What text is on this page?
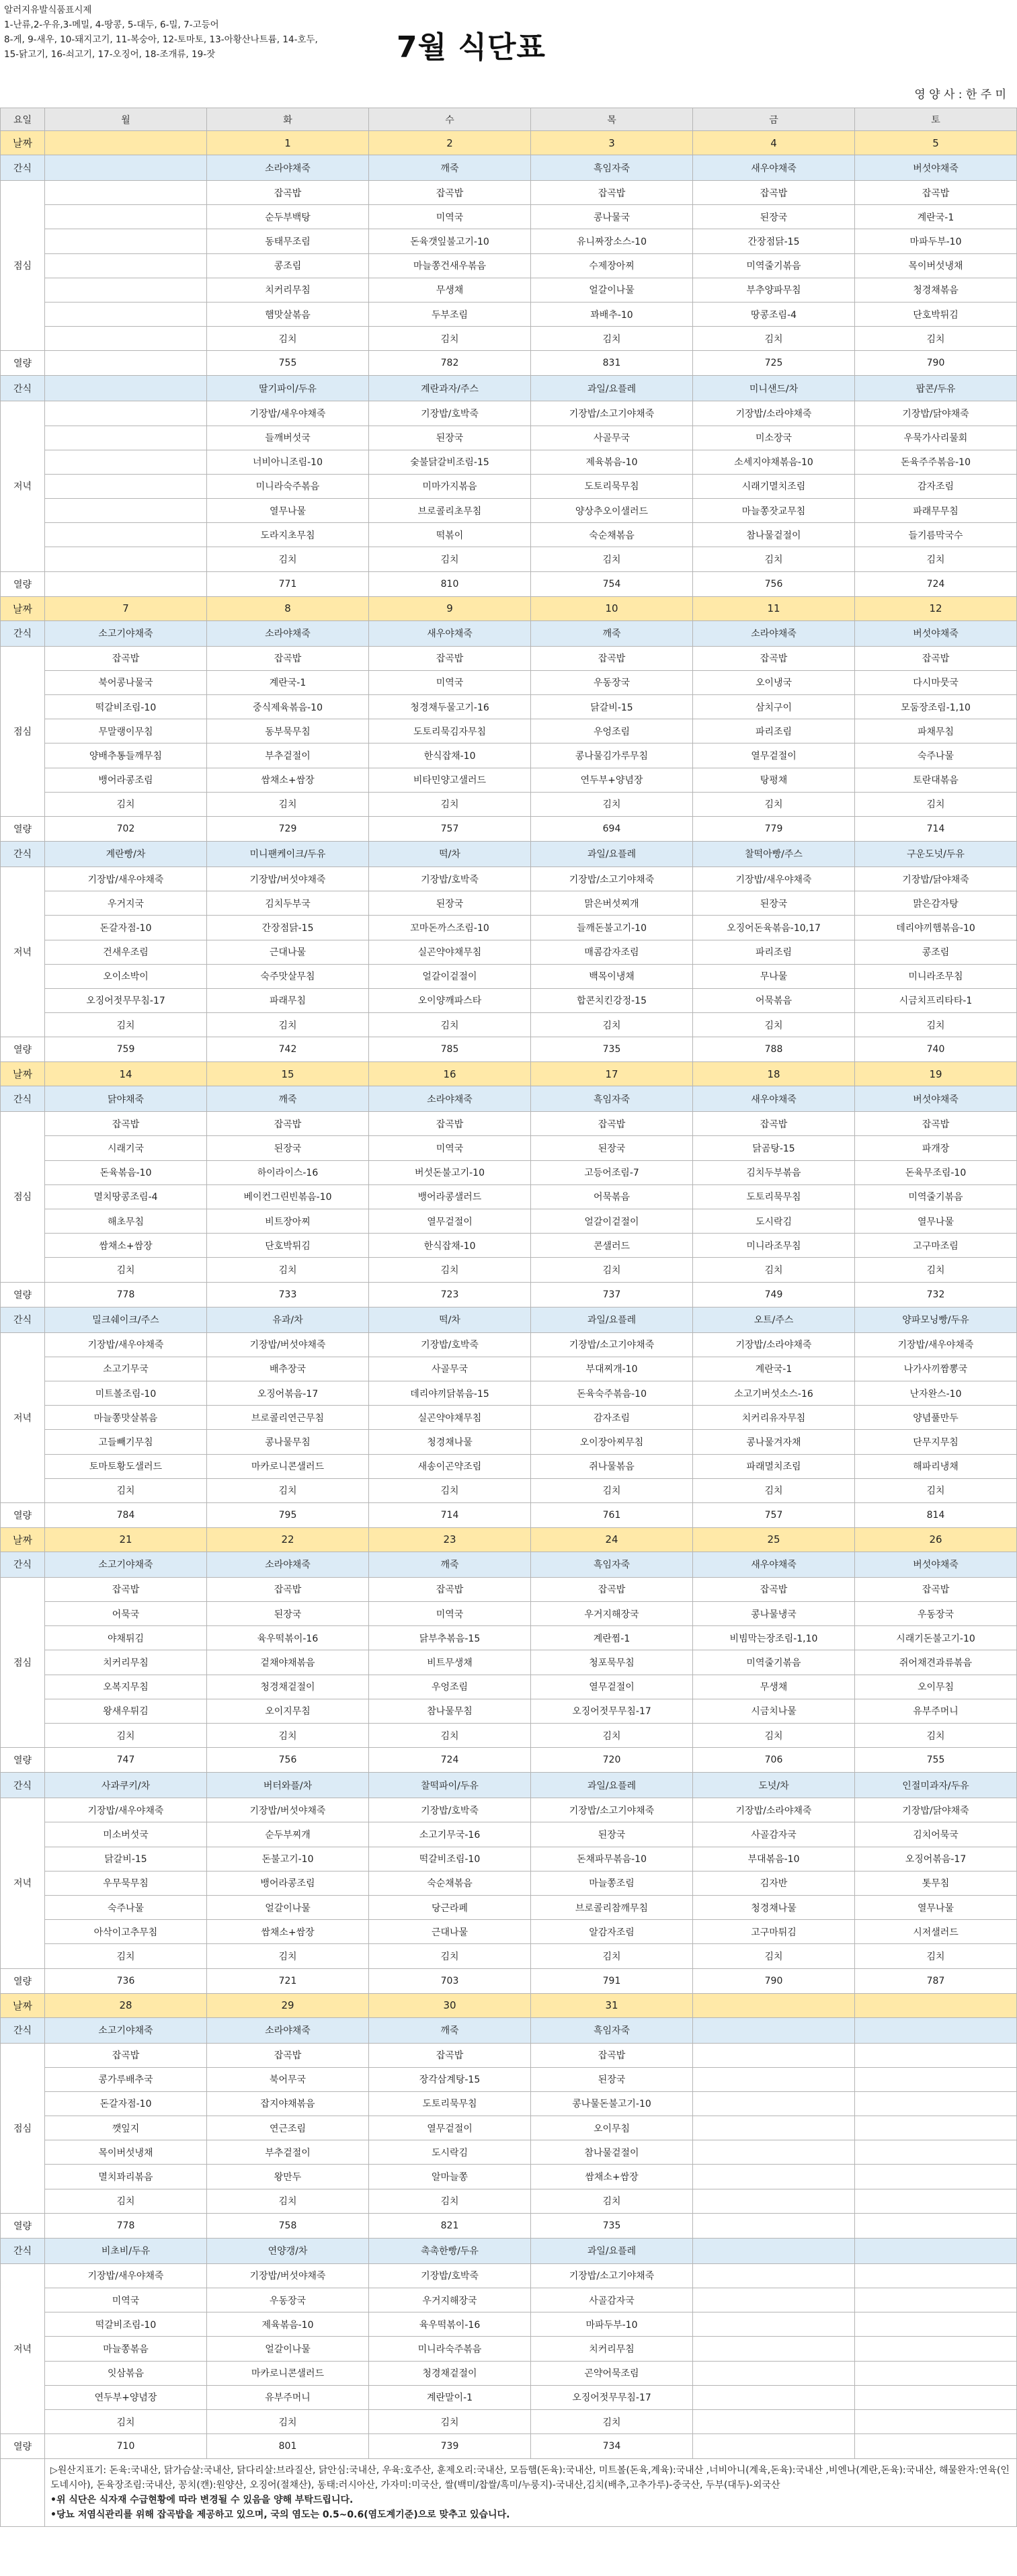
알러지유발식품표시제
1-난류,2-우유,3-메밀, 4-땅콩, 5-대두, 6-밀, 7-고등어
8-게, 9-새우, 10-돼지고기, 11-복숭아, 12-토마토, 13-아황산나트륨, 14-호두,
15-닭고기, 16-쇠고기, 17-오징어, 18-조개류, 19-잣	7월 식단표
영 양 사 : 한 주 미
요일	월	화	수	목	금	토
날짜		1	2	3	4	5
간식		소라야채죽	깨죽	흑임자죽	새우야채죽	버섯야채죽
점심		잡곡밥	잡곡밥	잡곡밥	잡곡밥	잡곡밥
		순두부백탕	미역국	콩나물국	된장국	계란국-1
		동태무조림	돈육갯잎불고기-10	유니짜장소스-10	간장점닭-15	마파두부-10
		콩조림	마늘쫑건새우볶음	수제장아찌	미역줄기볶음	목이버섯냉채
		치커리무침	무생채	얼갈이나물	부추양파무침	청경채볶음
		햄맛살볶음	두부조림	꽈배추-10	땅콩조림-4	단호박튀김
		김치	김치	김치	김치	김치
열량		755	782	831	725	790
간식		딸기파이/두유	계란과자/주스	과일/요플레	미니샌드/차	팝콘/두유
저녁		기장밥/새우야채죽	기장밥/호박죽	기장밥/소고기야채죽	기장밥/소라야채죽	기장밥/닭야채죽
		들깨버섯국	된장국	사골무국	미소장국	우묵가사리물회
		너비아니조림-10	숯불닭갈비조림-15	제육볶음-10	소세지야채볶음-10	돈육주주볶음-10
		미니라숙주볶음	미마가지볶음	도토리묵무침	시래기멸치조림	감자조림
		열무나물	브로콜리초무침	양상추오이샐러드	마늘쫑잣교무침	파래무무침
		도라지초무침	떡볶이	숙순채볶음	참나물겉절이	들기름막국수
		김치	김치	김치	김치	김치
열량		771	810	754	756	724
날짜	7	8	9	10	11	12
간식	소고기야채죽	소라야채죽	새우야채죽	깨죽	소라야채죽	버섯야채죽
점심	잡곡밥	잡곡밥	잡곡밥	잡곡밥	잡곡밥	잡곡밥
	북어콩나물국	계란국-1	미역국	우동장국	오이냉국	다시마뭇국
	떡갈비조림-10	중식제육볶음-10	청경채두물고기-16	닭갈비-15	삼치구이	모둠장조림-1,10
	무말랭이무침	동부묵무침	도토리묵김자무침	우엉조림	파리조림	파채무침
	양배추통들깨무침	부추겉절이	한식잡채-10	콩나물김가루무침	열무겉절이	숙주나물
	뱅어라콩조림	쌈채소+쌈장	비타민양고샐러드	연두부+양념장	탕평채	토란대볶음
	김치	김치	김치	김치	김치	김치
열량	702	729	757	694	779	714
간식	계란빵/차	미니팬케이크/두유	떡/차	과일/요플레	찰떡아빵/주스	구운도넛/두유
저녁	기장밥/새우야채죽	기장밥/버섯야채죽	기장밥/호박죽	기장밥/소고기야채죽	기장밥/새우야채죽	기장밥/닭야채죽
	우거지국	김치두부국	된장국	맑은버섯찌개	된장국	맑은감자탕
	돈갈자점-10	간장점닭-15	꼬마돈까스조림-10	들깨돈불고기-10	오징어돈육볶음-10,17	데리야끼햄볶음-10
	건새우조림	근대나물	실곤약야채무침	매콤감자조림	파리조림	콩조림
	오이소박이	숙주맛살무침	얼갈이겉절이	백목이냉채	무나물	미니라조무침
	오징어젓무무침-17	파래무침	오이양깨파스타	합콘치킨강정-15	어묵볶음	시금치프리타타-1
	김치	김치	김치	김치	김치	김치
열량	759	742	785	735	788	740
날짜	14	15	16	17	18	19
간식	닭야채죽	깨죽	소라야채죽	흑임자죽	새우야채죽	버섯야채죽
점심	잡곡밥	잡곡밥	잡곡밥	잡곡밥	잡곡밥	잡곡밥
	시래기국	된장국	미역국	된장국	닭곰탕-15	파개장
	돈육볶음-10	하이라이스-16	버섯돈불고기-10	고등어조림-7	김치두부볶음	돈육무조림-10
	멸치땅콩조림-4	베이컨그린빈볶음-10	뱅어라콩샐러드	어묵볶음	도토리묵무침	미역줄기볶음
	해초무침	비트장아찌	열무겉절이	얼갈이겉절이	도시락김	열무나물
	쌈채소+쌈장	단호박튀김	한식잡채-10	콘샐러드	미니라조무침	고구마조림
	김치	김치	김치	김치	김치	김치
열량	778	733	723	737	749	732
간식	밀크쉐이크/주스	유과/차	떡/차	과일/요플레	오트/주스	양파모닝빵/두유
저녁	기장밥/새우야채죽	기장밥/버섯야채죽	기장밥/호박죽	기장밥/소고기야채죽	기장밥/소라야채죽	기장밥/새우야채죽
	소고기무국	배추장국	사골무국	부대찌개-10	계란국-1	나가사끼짬뽕국
	미트볼조림-10	오징어볶음-17	데리야끼닭볶음-15	돈육숙주볶음-10	소고기버섯소스-16	난자완스-10
	마늘쫑맛살볶음	브로콜리연근무침	실곤약야채무침	감자조림	치커리유자무침	양념풀만두
	고들빼기무침	콩나물무침	청경채나물	오이장아찌무침	콩나물겨자채	단무지무침
	토마토황도샐러드	마카로니콘샐러드	새송이곤약조림	쥐나물볶음	파래멸치조림	해파리냉채
	김치	김치	김치	김치	김치	김치
열량	784	795	714	761	757	814
날짜	21	22	23	24	25	26
간식	소고기야채죽	소라야채죽	깨죽	흑임자죽	새우야채죽	버섯야채죽
점심	잡곡밥	잡곡밥	잡곡밥	잡곡밥	잡곡밥	잡곡밥
	어묵국	된장국	미역국	우거지해장국	콩나물냉국	우동장국
	야채튀김	육우떡볶이-16	닭부추볶음-15	계란찜-1	비빔막는장조림-1,10	시래기돈불고기-10
	치커리무침	겉채야채볶음	비트무생채	청포묵무침	미역줄기볶음	쥐어채견과류볶음
	오복지무침	청경채겉절이	우엉조림	열무겉절이	무생채	오이무침
	왕새우튀김	오이지무침	참나물무침	오징어젓무무침-17	시금치나물	유부주머니
	김치	김치	김치	김치	김치	김치
열량	747	756	724	720	706	755
간식	사과쿠키/차	버터와플/차	찰떡파이/두유	과일/요플레	도넛/차	인절미과자/두유
저녁	기장밥/새우야채죽	기장밥/버섯야채죽	기장밥/호박죽	기장밥/소고기야채죽	기장밥/소라야채죽	기장밥/닭야채죽
	미소버섯국	순두부찌개	소고기무국-16	된장국	사골감자국	김치어묵국
	닭갈비-15	돈불고기-10	떡갈비조림-10	돈채파무볶음-10	부대볶음-10	오징어볶음-17
	우무묵무침	뱅어라콩조림	숙순채볶음	마늘쫑조림	김자반	톳무침
	숙주나물	얼갈이나물	당근라페	브로콜리참깨무침	청경채나물	열무나물
	아삭이고추무침	쌈채소+쌈장	근대나물	알감자조림	고구마튀김	시저샐러드
	김치	김치	김치	김치	김치	김치
열량	736	721	703	791	790	787
날짜	28	29	30	31		
간식	소고기야채죽	소라야채죽	깨죽	흑임자죽		
점심	잡곡밥	잡곡밥	잡곡밥	잡곡밥		
	콩가루배추국	북어무국	장각삼계탕-15	된장국		
	돈갈자점-10	잡지야채볶음	도토리묵무침	콩나물돈불고기-10		
	깻잎지	연근조림	열무겉절이	오이무침		
	목이버섯냉채	부추겉절이	도시락김	참나물겉절이		
	멸치꽈리볶음	왕만두	알마늘쫑	쌈채소+쌈장		
	김치	김치	김치	김치		
열량	778	758	821	735		
간식	비초비/두유	연양갱/차	촉촉한빵/두유	과일/요플레		
저녁	기장밥/새우야채죽	기장밥/버섯야채죽	기장밥/호박죽	기장밥/소고기야채죽		
	미역국	우동장국	우거지해장국	사골감자국		
	떡갈비조림-10	제육볶음-10	육우떡볶이-16	마파두부-10		
	마늘쫑볶음	얼갈이나물	미니라숙주볶음	치커리무침		
	잇삼볶음	마카로니콘샐러드	청경채겉절이	곤약어묵조림		
	연두부+양념장	유부주머니	계란말이-1	오징어젓무무침-17		
	김치	김치	김치	김치		
열량	710	801	739	734		

▷원산지표기: 돈육:국내산, 닭가슴살:국내산, 닭다리살:브라질산, 닭안심:국내산, 우육:호주산, 훈제오리:국내산, 모듬햄(돈육):국내산, 미트볼(돈육,계육):국내산 ,너비아니(계육,돈육):국내산 ,비엔나(계란,돈육):국내산, 해물완자:연육(인도네시아), 돈육장조림:국내산, 꽁치(캔):원양산, 오징어(절채산), 동태:러시아산, 가자미:미국산, 쌀(백미/찹쌀/흑미/누룽지)-국내산,김치(배추,고추가루)-중국산, 두부(대두)-외국산

•위 식단은 식자재 수급현황에 따라 변경될 수 있음을 양해 부탁드립니다.

•당뇨 저염식관리를 위해 잡곡밥을 제공하고 있으며, 국의 염도는 0.5~0.6(염도계기준)으로 맞추고 있습니다.
